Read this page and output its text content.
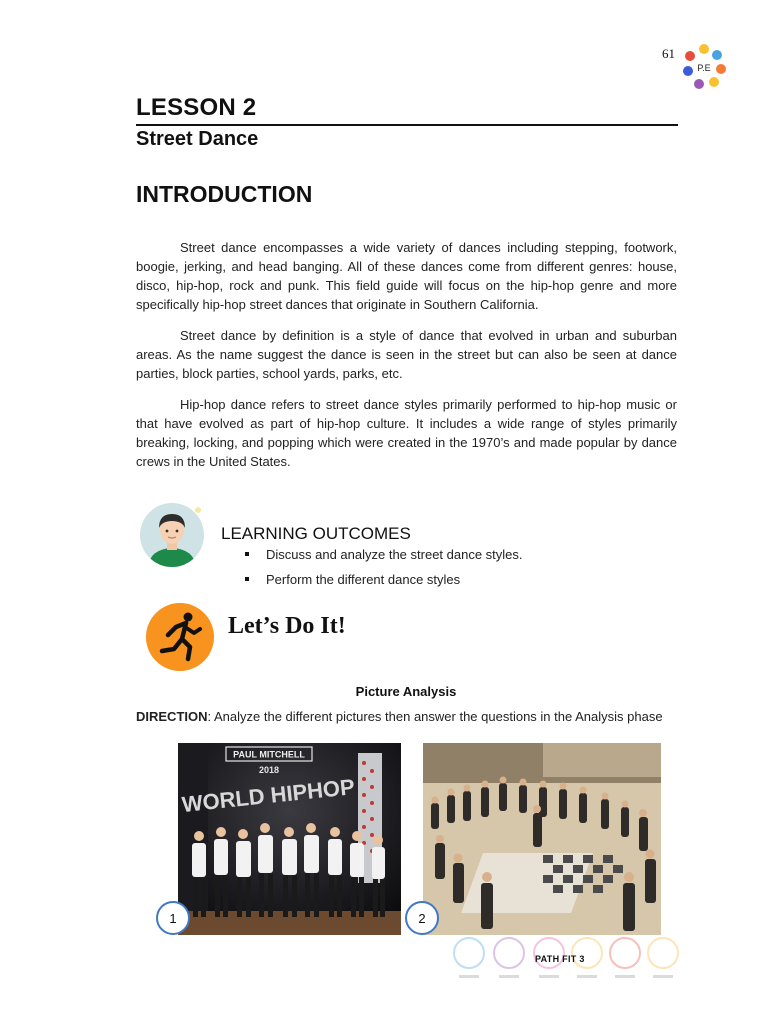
61
P.E
LESSON 2
Street Dance
INTRODUCTION

Street dance encompasses a wide variety of dances including stepping, footwork, boogie, jerking, and head banging. All of these dances come from different genres: house, disco, hip-hop, rock and punk. This field guide will focus on the hip-hop genre and more specifically hip-hop street dances that originate in Southern California.

Street dance by definition is a style of dance that evolved in urban and suburban areas. As the name suggest the dance is seen in the street but can also be seen at dance parties, block parties, school yards, parks, etc.

Hip-hop dance refers to street dance styles primarily performed to hip-hop music or that have evolved as part of hip-hop culture. It includes a wide range of styles primarily breaking, locking, and popping which were created in the 1970’s and made popular by dance crews in the United States.

LEARNING OUTCOMES
Discuss and analyze the street dance styles.
Perform the different dance styles
Let’s Do It!
Picture Analysis
DIRECTION: Analyze the different pictures then answer the questions in the Analysis phase
PAUL MITCHELL
2018
WORLD HIPHOP
1	2
PATH FIT 3
